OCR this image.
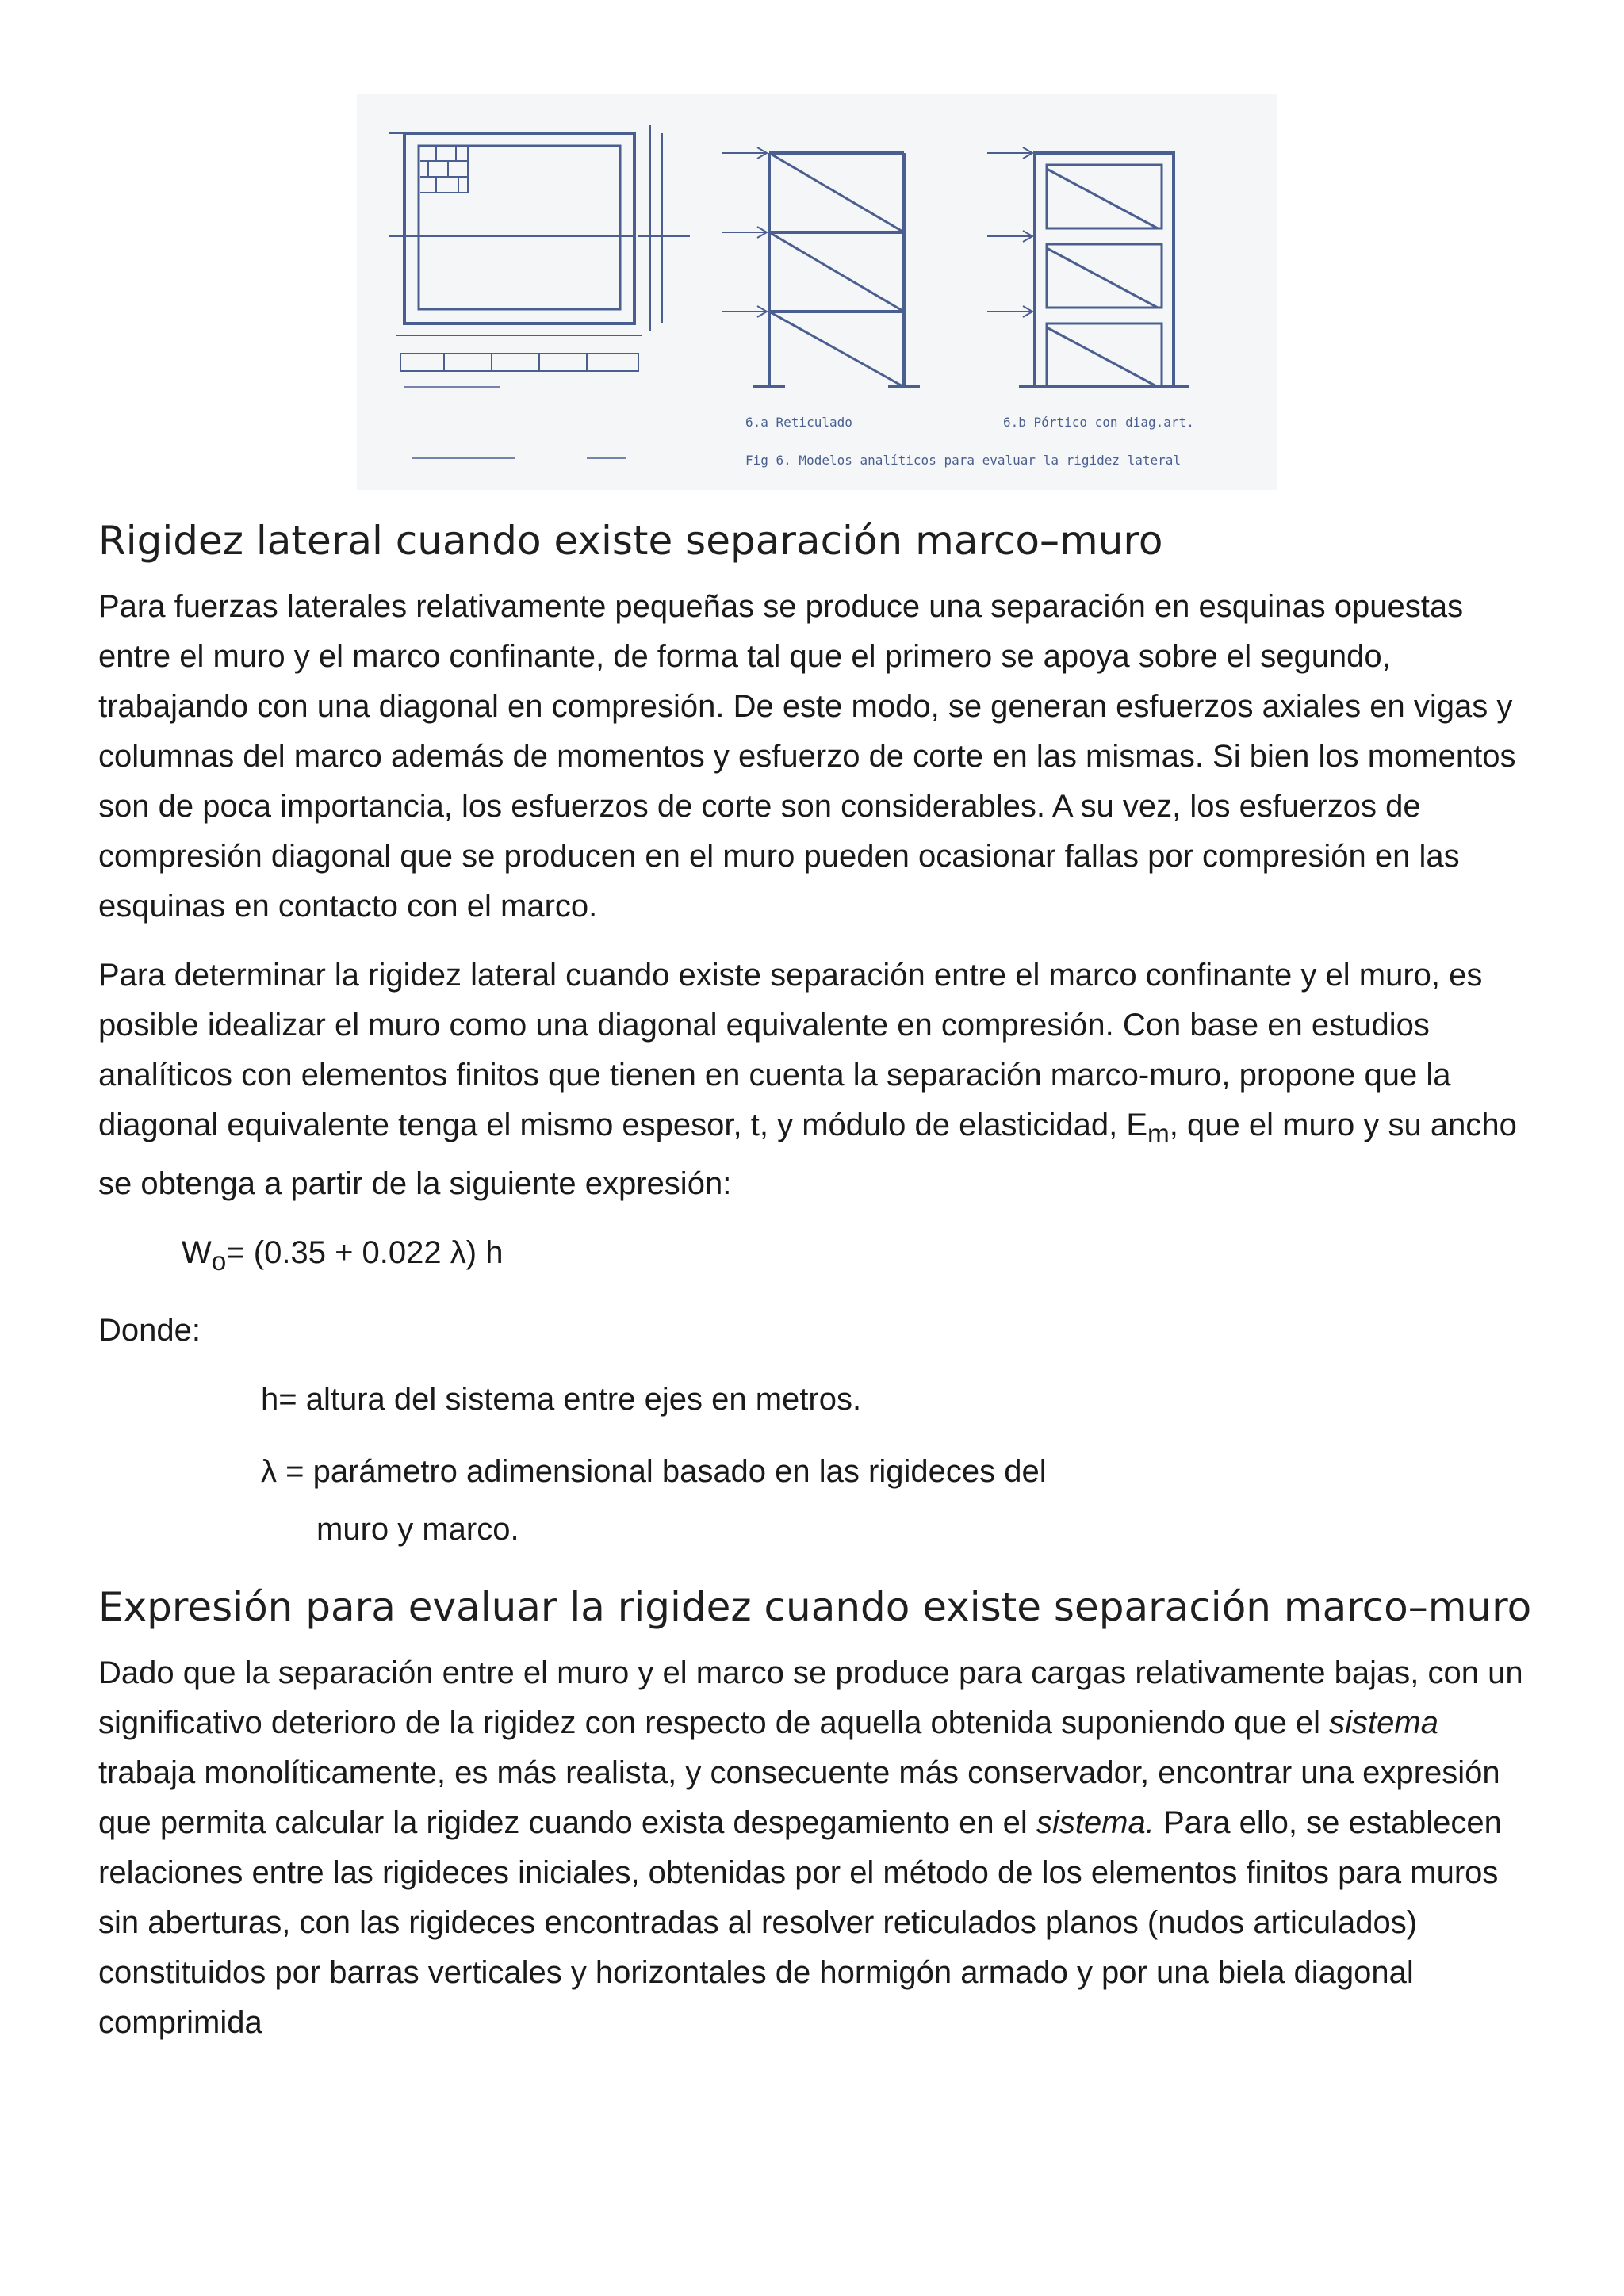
6.a Reticulado	6.b Pórtico con diag.art.
Fig 6. Modelos analíticos para evaluar la rigidez lateral
Rigidez lateral cuando existe separación marco–muro

Para fuerzas laterales relativamente pequeñas se produce una separación en esquinas opuestas entre el muro y el marco confinante, de forma tal que el primero se apoya sobre el segundo, trabajando con una diagonal en compresión. De este modo, se generan esfuerzos axiales en vigas y columnas del marco además de momentos y esfuerzo de corte en las mismas. Si bien los momentos son de poca importancia, los esfuerzos de corte son considerables. A su vez, los esfuerzos de compresión diagonal que se producen en el muro pueden ocasionar fallas por compresión en las esquinas en contacto con el marco.

Para determinar la rigidez lateral cuando existe separación entre el marco confinante y el muro, es posible idealizar el muro como una diagonal equivalente en compresión. Con base en estudios analíticos con elementos finitos que tienen en cuenta la separación marco-muro, propone que la diagonal equivalente tenga el mismo espesor, t, y módulo de elasticidad, $E_m$, que el muro y su ancho se obtenga a partir de la siguiente expresión:

$W_o= (0.35 + 0.022$ λ) h

Donde:

h= altura del sistema entre ejes en metros.

λ = parámetro adimensional basado en las rigideces del

muro y marco.

Expresión para evaluar la rigidez cuando existe separación marco–muro

Dado que la separación entre el muro y el marco se produce para cargas relativamente bajas, con un significativo deterioro de la rigidez con respecto de aquella obtenida suponiendo que el sistema trabaja monolíticamente, es más realista, y consecuente más conservador, encontrar una expresión que permita calcular la rigidez cuando exista despegamiento en el sistema. Para ello, se establecen relaciones entre las rigideces iniciales, obtenidas por el método de los elementos finitos para muros sin aberturas, con las rigideces encontradas al resolver reticulados planos (nudos articulados) constituidos por barras verticales y horizontales de hormigón armado y por una biela diagonal comprimida
